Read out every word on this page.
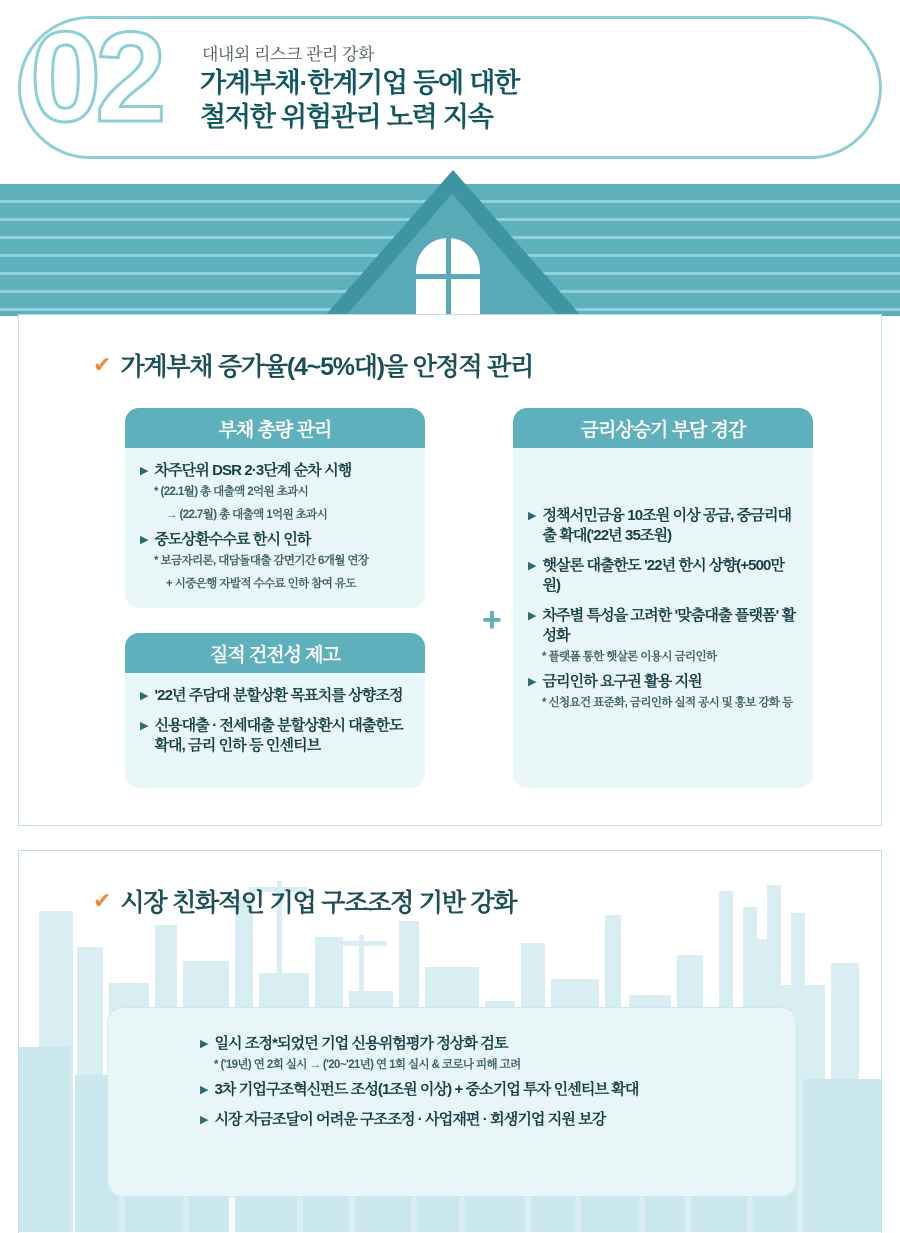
02 대내외 리스크 관리 강화
가계부채·한계기업 등에 대한
철저한 위험관리 노력 지속
✔ 가계부채 증가율(4~5%대)을 안정적 관리
부채 총량 관리
▶ 차주단위 DSR 2·3단계 순차 시행
* (22.1월) 총 대출액 2억원 초과시
→ (22.7월) 총 대출액 1억원 초과시
▶ 중도상환수수료 한시 인하
* 보금자리론, 대담돌대출 감면기간 6개월 연장
+ 시중은행 자발적 수수료 인하 참여 유도
질적 건전성 제고
▶ '22년 주담대 분할상환 목표치를 상향조정
▶ 신용대출 · 전세대출 분할상환시 대출한도 확대, 금리 인하 등 인센티브
+
금리상승기 부담 경감
▶ 정책서민금융 10조원 이상 공급, 중금리대출 확대('22년 35조원)
▶ 햇살론 대출한도 '22년 한시 상향(+500만원)
▶ 차주별 특성을 고려한 '맞춤대출 플랫폼' 활성화
* 플랫폼 통한 햇살론 이용시 금리인하
▶ 금리인하 요구권 활용 지원
* 신청요건 표준화, 금리인하 실적 공시 및 홍보 강화 등
✔ 시장 친화적인 기업 구조조정 기반 강화
▶ 일시 조정*되었던 기업 신용위험평가 정상화 검토
* ('19년) 연 2회 실시 → ('20~'21년) 연 1회 실시 & 코로나 피해 고려
▶ 3차 기업구조혁신펀드 조성(1조원 이상) + 중소기업 투자 인센티브 확대
▶ 시장 자금조달이 어려운 구조조정 · 사업재편 · 회생기업 지원 보강
